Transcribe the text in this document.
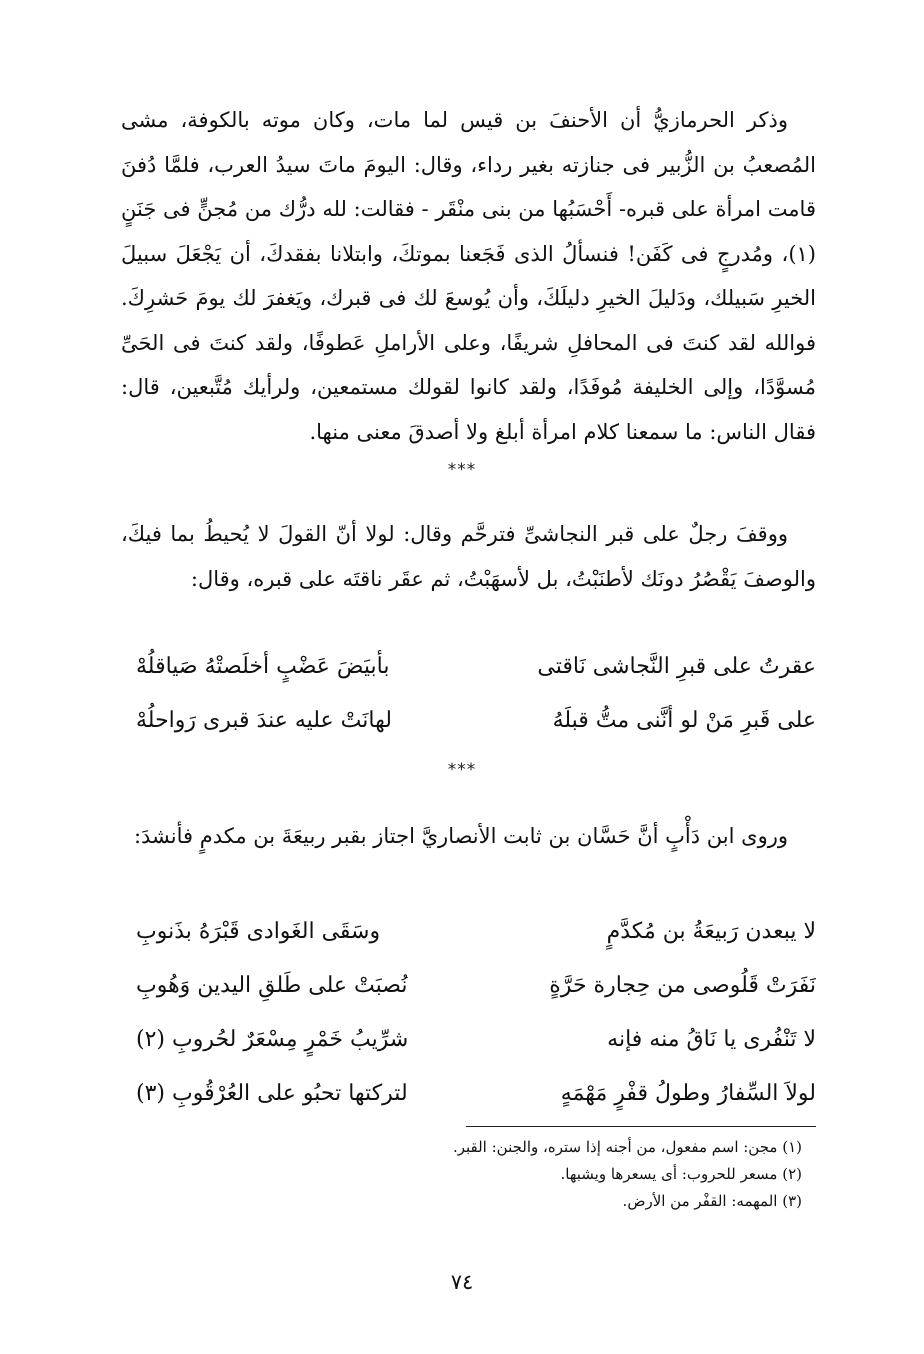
وذكر الحرمازيُّ أن الأحنفَ بن قيس لما مات، وكان موته بالكوفة، مشى المُصعبُ بن الزُّبير فى جنازته بغير رداء، وقال: اليومَ ماتَ سيدُ العرب، فلمَّا دُفنَ قامت امرأة على قبره- أَحْسَبُها من بنى منْقَر - فقالت: لله درُّك من مُجنٍّ فى جَنَنٍ (١)، ومُدرجٍ فى كَفَن! فنسألُ الذى فَجَعنا بموتكَ، وابتلانا بفقدكَ، أن يَجْعَلَ سبيلَ الخيرِ سَبيلك، ودَليلَ الخيرِ دليلَكَ، وأن يُوسعَ لك فى قبرك، ويَغفرَ لك يومَ حَشرِكَ. فوالله لقد كنتَ فى المحافلِ شريفًا، وعلى الأراملِ عَطوفًا، ولقد كنتَ فى الحَىِّ مُسوَّدًا، وإلى الخليفة مُوفَدًا، ولقد كانوا لقولك مستمعين، ولرأيك مُتَّبعين، قال: فقال الناس: ما سمعنا كلام امرأة أبلغ ولا أصدقَ معنى منها.

***

ووقفَ رجلٌ على قبر النجاشىِّ فترحَّم وقال: لولا أنّ القولَ لا يُحيطُ بما فيكَ، والوصفَ يَقْصُرُ دونَك لأطنَبْتُ، بل لأسهَبْتُ، ثم عقَر ناقتَه على قبره، وقال:

عقرتُ على قبرِ النَّجاشى نَاقتى
بأبيَضَ عَضْبٍ أخلَصتْهُ صَياقلُهْ
على قَبرِ مَنْ لو أنَّنى متُّ قبلَهُ
لهانَتْ عليه عندَ قبرى رَواحلُهْ
***

وروى ابن دَأْبٍ أنَّ حَسَّان بن ثابت الأنصاريَّ اجتاز بقبر ربيعَةَ بن مكدمٍ فأنشدَ:

لا يبعدن رَبيعَةُ بن مُكدَّمٍ
وسَقَى الغَوادى قَبْرَهُ بذَنوبِ
نَفَرَتْ قَلُوصى من حِجارة حَرَّةٍ
نُصبَتْ على طَلقِ اليدين وَهُوبِ
لا تَنْفُرى يا نَاقُ منه فإنه
شرِّيبُ خَمْرٍ مِسْعَرٌ لحُروبِ (٢)
لولاَ السِّفارُ وطولُ قفْرٍ مَهْمَهٍ
لتركتها تحبُو على العُرْقُوبِ (٣)

(١) مجن: اسم مفعول، من أجنه إذا ستره، والجنن: القبر.

(٢) مسعر للحروب: أى يسعرها ويشبها.

(٣) المهمه: القفْر من الأرض.

٧٤
